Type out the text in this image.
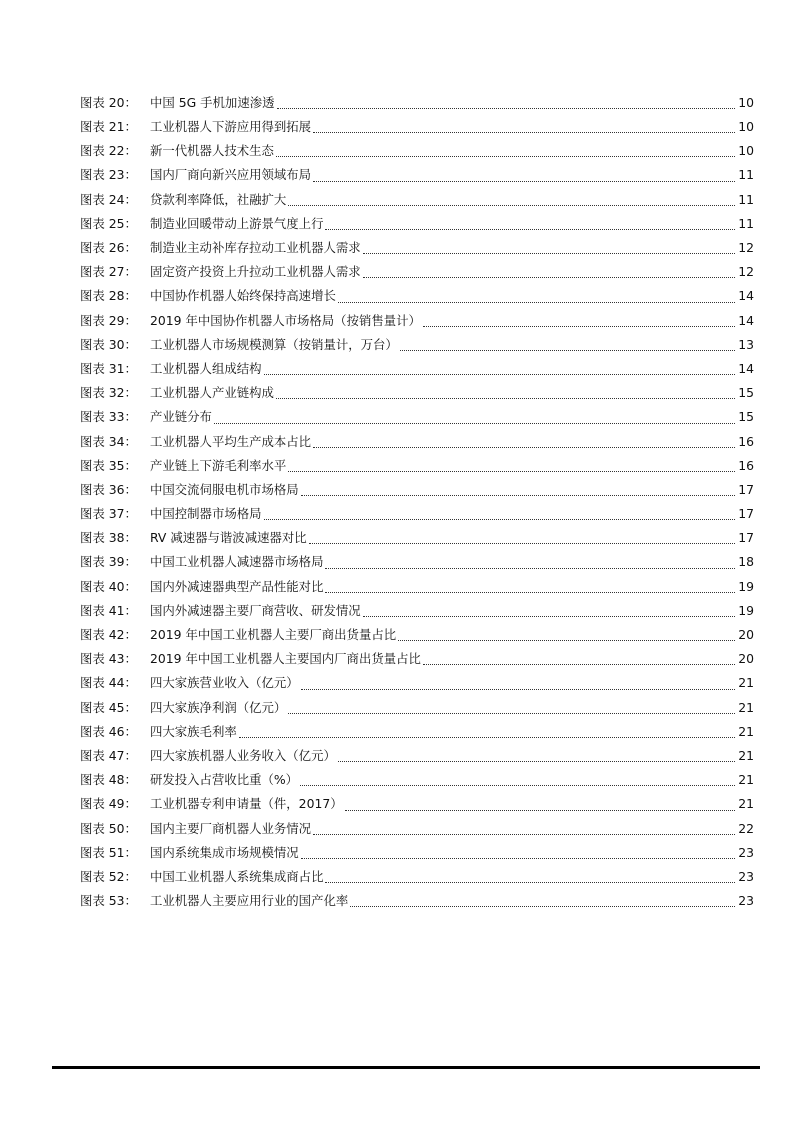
图表 20：	中国 5G 手机加速渗透	10
图表 21：	工业机器人下游应用得到拓展	10
图表 22：	新一代机器人技术生态	10
图表 23：	国内厂商向新兴应用领域布局	11
图表 24：	贷款利率降低，社融扩大	11
图表 25：	制造业回暖带动上游景气度上行	11
图表 26：	制造业主动补库存拉动工业机器人需求	12
图表 27：	固定资产投资上升拉动工业机器人需求	12
图表 28：	中国协作机器人始终保持高速增长	14
图表 29：	2019 年中国协作机器人市场格局（按销售量计）	14
图表 30：	工业机器人市场规模测算（按销量计，万台）	13
图表 31：	工业机器人组成结构	14
图表 32：	工业机器人产业链构成	15
图表 33：	产业链分布	15
图表 34：	工业机器人平均生产成本占比	16
图表 35：	产业链上下游毛利率水平	16
图表 36：	中国交流伺服电机市场格局	17
图表 37：	中国控制器市场格局	17
图表 38：	RV 减速器与谐波减速器对比	17
图表 39：	中国工业机器人减速器市场格局	18
图表 40：	国内外减速器典型产品性能对比	19
图表 41：	国内外减速器主要厂商营收、研发情况	19
图表 42：	2019 年中国工业机器人主要厂商出货量占比	20
图表 43：	2019 年中国工业机器人主要国内厂商出货量占比	20
图表 44：	四大家族营业收入（亿元）	21
图表 45：	四大家族净利润（亿元）	21
图表 46：	四大家族毛利率	21
图表 47：	四大家族机器人业务收入（亿元）	21
图表 48：	研发投入占营收比重（%）	21
图表 49：	工业机器专利申请量（件，2017）	21
图表 50：	国内主要厂商机器人业务情况	22
图表 51：	国内系统集成市场规模情况	23
图表 52：	中国工业机器人系统集成商占比	23
图表 53：	工业机器人主要应用行业的国产化率	23
